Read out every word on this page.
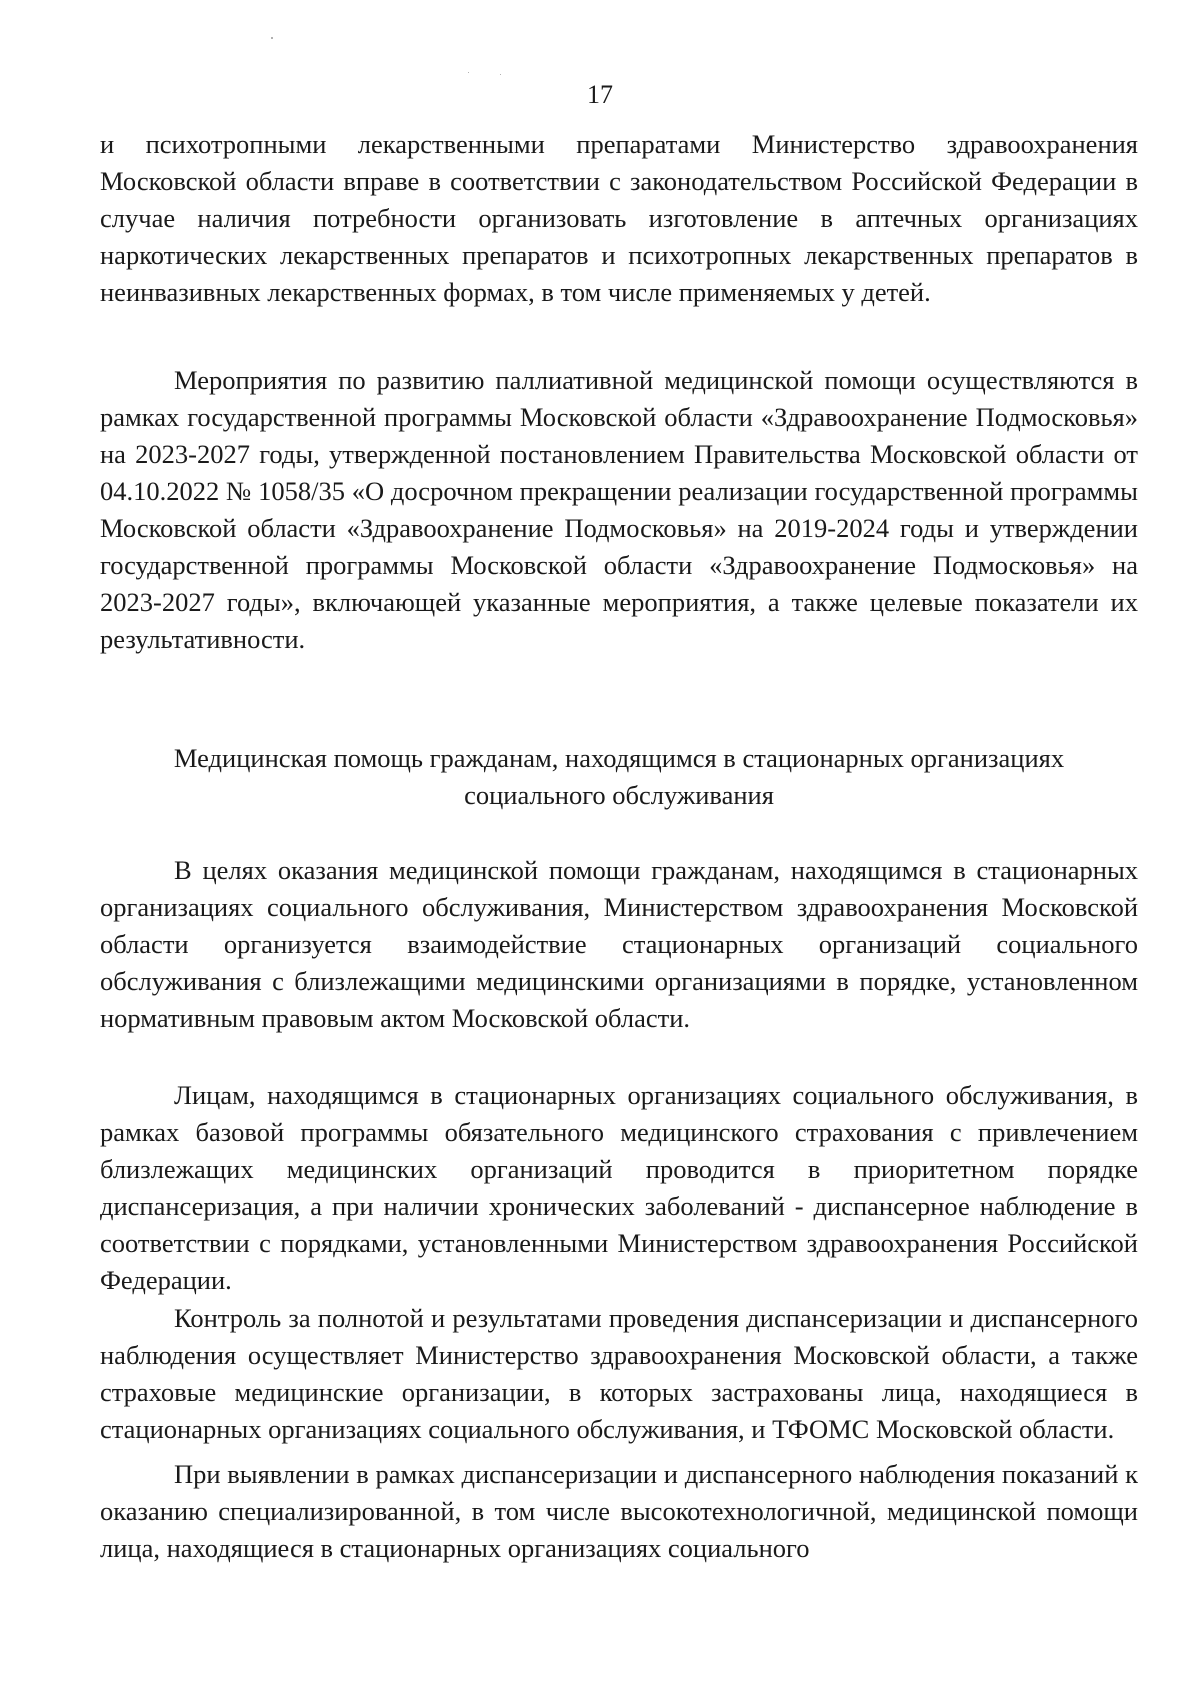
17

и психотропными лекарственными препаратами Министерство здравоохранения Московской области вправе в соответствии с законодательством Российской Федерации в случае наличия потребности организовать изготовление в аптечных организациях наркотических лекарственных препаратов и психотропных лекарственных препаратов в неинвазивных лекарственных формах, в том числе применяемых у детей.

Мероприятия по развитию паллиативной медицинской помощи осуществляются в рамках государственной программы Московской области «Здравоохранение Подмосковья» на 2023-2027 годы, утвержденной постановлением Правительства Московской области от 04.10.2022 № 1058/35 «О досрочном прекращении реализации государственной программы Московской области «Здравоохранение Подмосковья» на 2019-2024 годы и утверждении государственной программы Московской области «Здравоохранение Подмосковья» на 2023-2027 годы», включающей указанные мероприятия, а также целевые показатели их результативности.

Медицинская помощь гражданам, находящимся в стационарных организациях
социального обслуживания

В целях оказания медицинской помощи гражданам, находящимся в стационарных организациях социального обслуживания, Министерством здравоохранения Московской области организуется взаимодействие стационарных организаций социального обслуживания с близлежащими медицинскими организациями в порядке, установленном нормативным правовым актом Московской области.

Лицам, находящимся в стационарных организациях социального обслуживания, в рамках базовой программы обязательного медицинского страхования с привлечением близлежащих медицинских организаций проводится в приоритетном порядке диспансеризация, а при наличии хронических заболеваний - диспансерное наблюдение в соответствии с порядками, установленными Министерством здравоохранения Российской Федерации.

Контроль за полнотой и результатами проведения диспансеризации и диспансерного наблюдения осуществляет Министерство здравоохранения Московской области, а также страховые медицинские организации, в которых застрахованы лица, находящиеся в стационарных организациях социального обслуживания, и ТФОМС Московской области.

При выявлении в рамках диспансеризации и диспансерного наблюдения показаний к оказанию специализированной, в том числе высокотехнологичной, медицинской помощи лица, находящиеся в стационарных организациях социального
